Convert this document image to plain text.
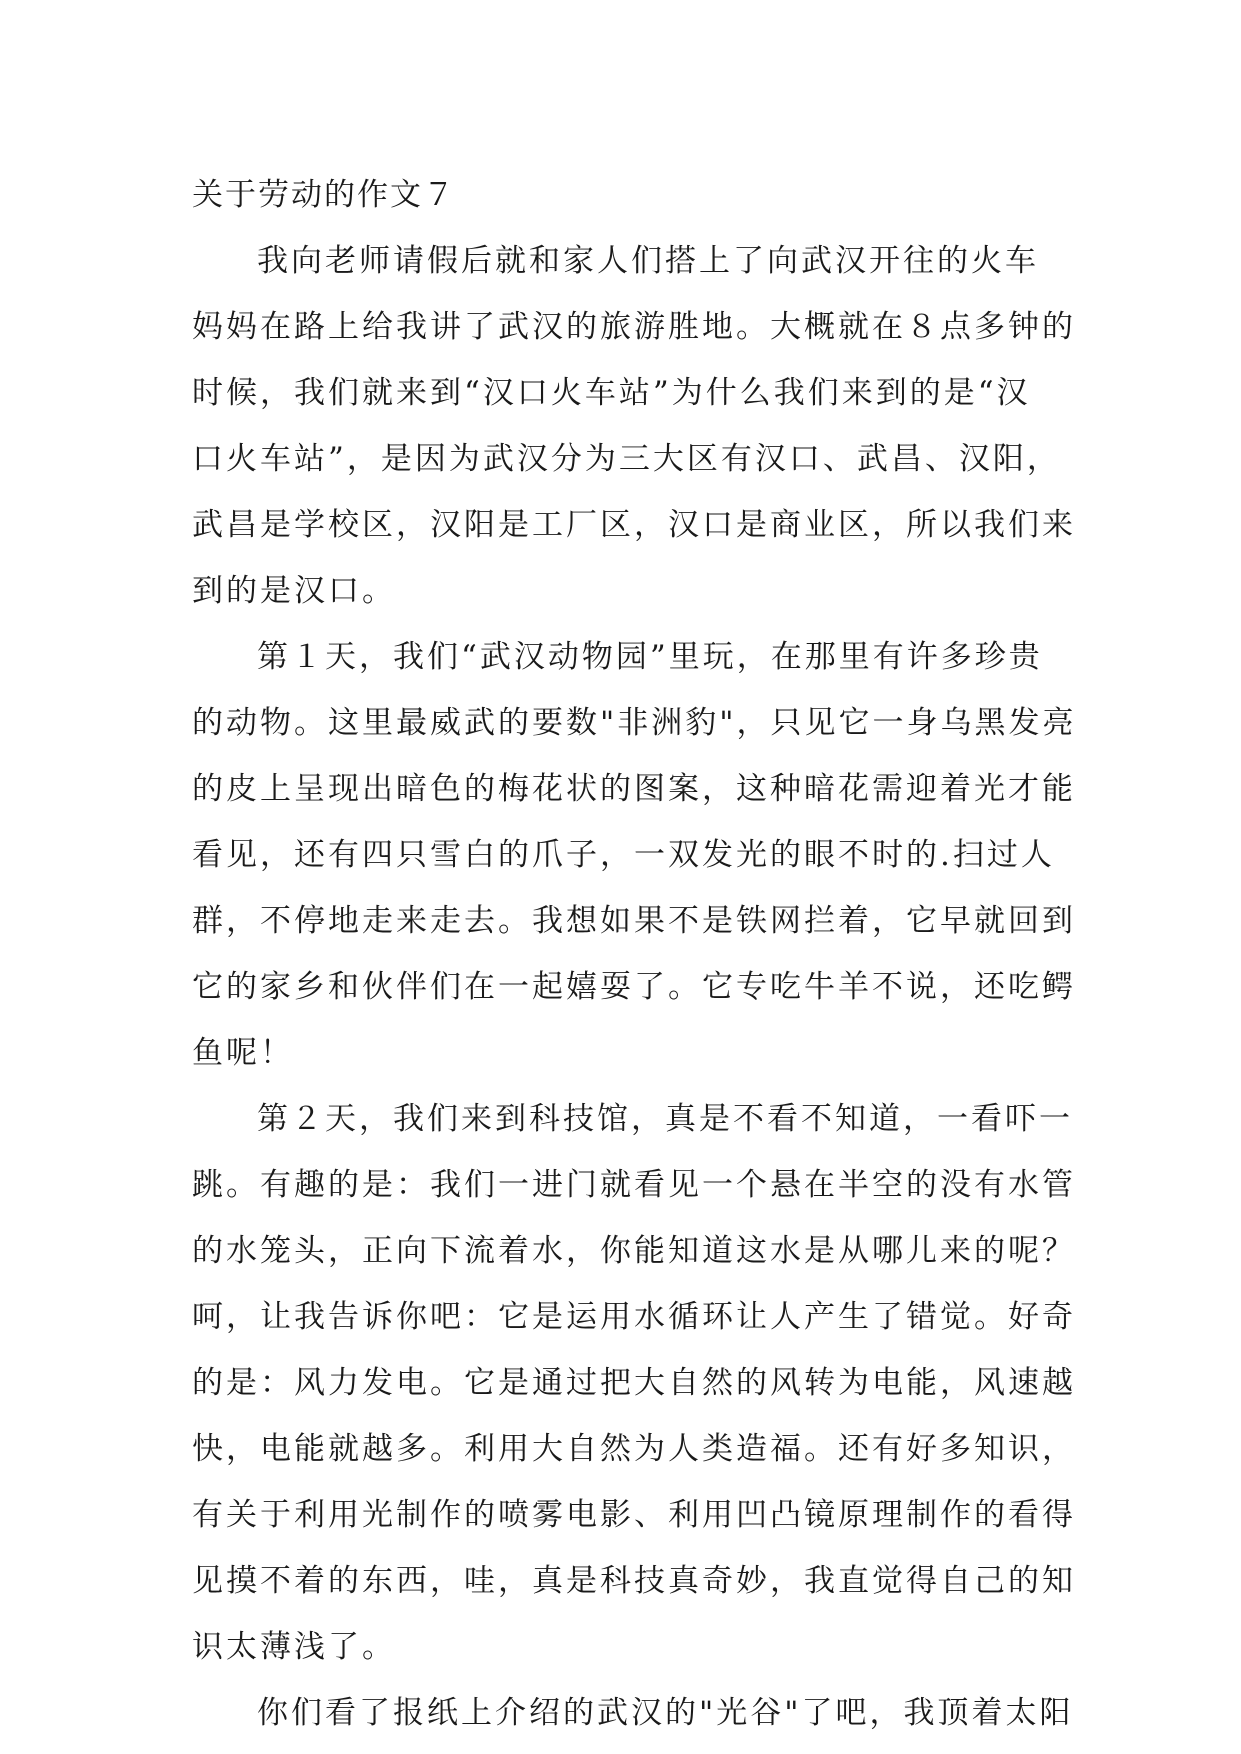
关于劳动的作文７
我向老师请假后就和家人们搭上了向武汉开往的火车
妈妈在路上给我讲了武汉的旅游胜地。大概就在８点多钟的
时候，我们就来到“汉口火车站”为什么我们来到的是“汉
口火车站”，是因为武汉分为三大区有汉口、武昌、汉阳，
武昌是学校区，汉阳是工厂区，汉口是商业区，所以我们来
到的是汉口。
第１天，我们“武汉动物园”里玩，在那里有许多珍贵
的动物。这里最威武的要数"非洲豹"，只见它一身乌黑发亮
的皮上呈现出暗色的梅花状的图案，这种暗花需迎着光才能
看见，还有四只雪白的爪子，一双发光的眼不时的.扫过人
群，不停地走来走去。我想如果不是铁网拦着，它早就回到
它的家乡和伙伴们在一起嬉耍了。它专吃牛羊不说，还吃鳄
鱼呢！
第２天，我们来到科技馆，真是不看不知道，一看吓一
跳。有趣的是：我们一进门就看见一个悬在半空的没有水管
的水笼头，正向下流着水，你能知道这水是从哪儿来的呢？
呵，让我告诉你吧：它是运用水循环让人产生了错觉。好奇
的是：风力发电。它是通过把大自然的风转为电能，风速越
快，电能就越多。利用大自然为人类造福。还有好多知识，
有关于利用光制作的喷雾电影、利用凹凸镜原理制作的看得
见摸不着的东西，哇，真是科技真奇妙，我直觉得自己的知
识太薄浅了。
你们看了报纸上介绍的武汉的"光谷"了吧，我顶着太阳
